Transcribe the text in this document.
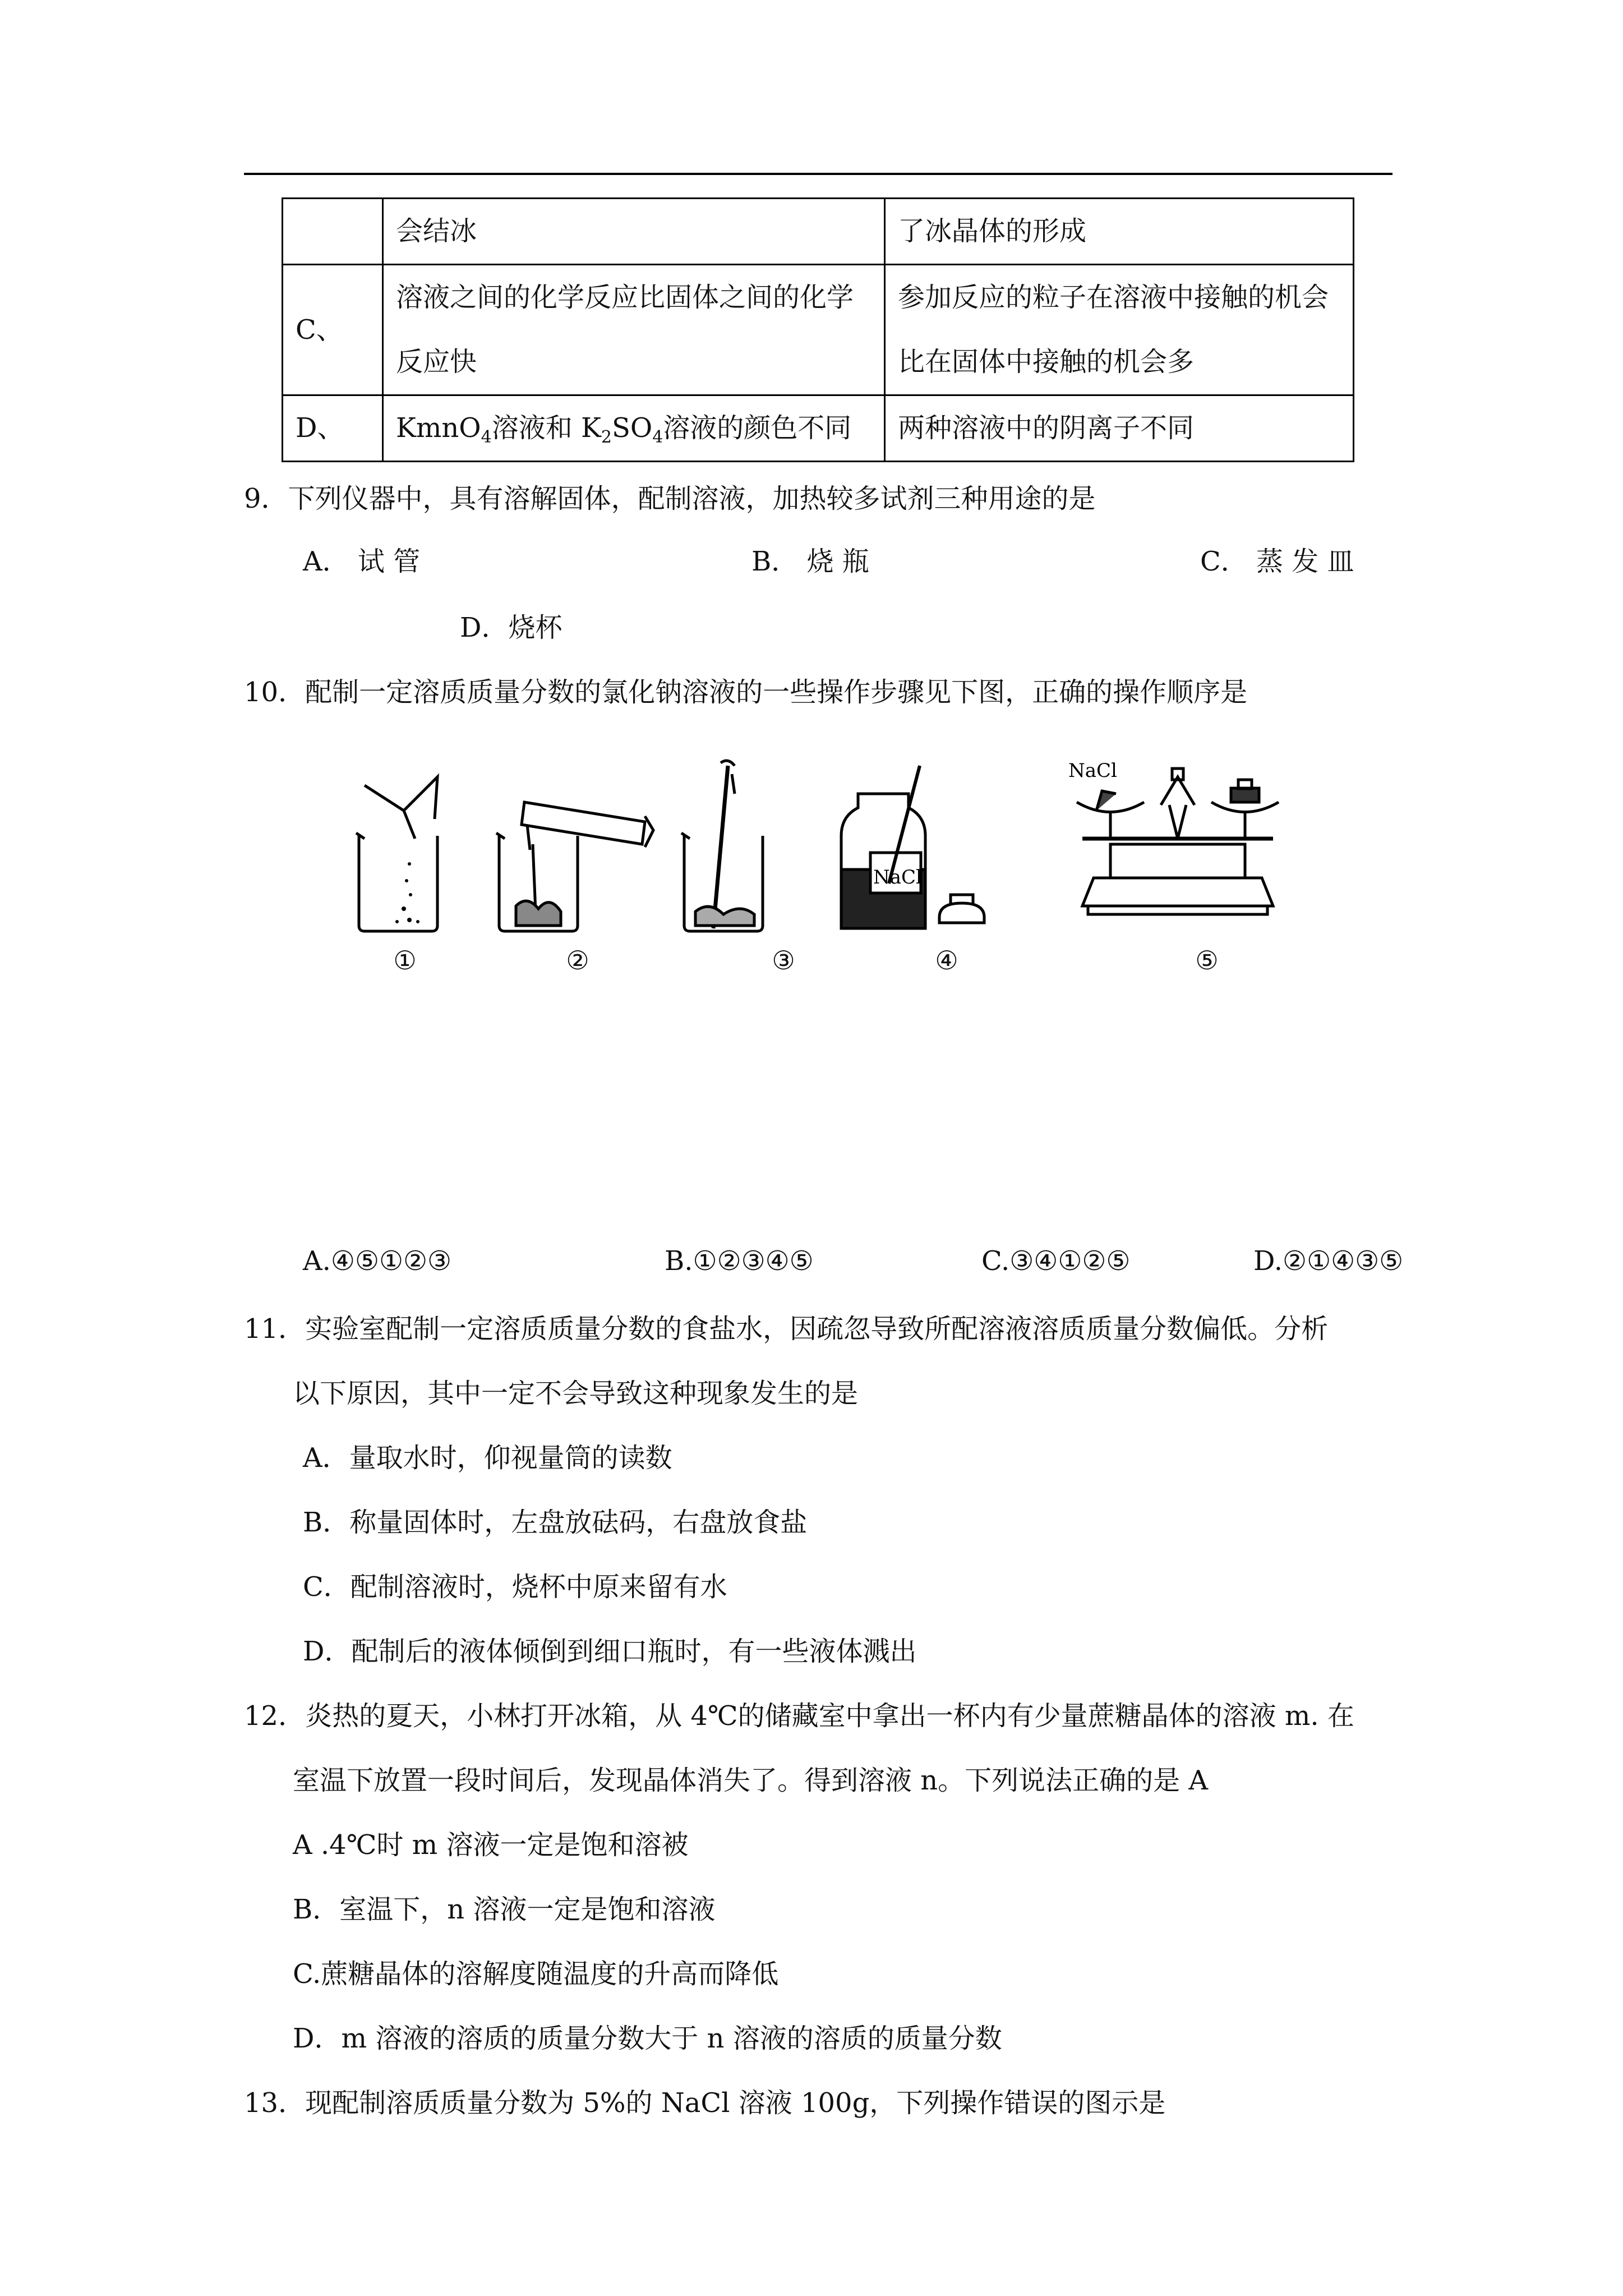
	会结冰	了冰晶体的形成
C、	溶液之间的化学反应比固体之间的化学反应快	参加反应的粒子在溶液中接触的机会比在固体中接触的机会多
D、	KmnO$_4$溶液和 $K_2SO_4$溶液的颜色不同	两种溶液中的阴离子不同
9．下列仪器中，具有溶解固体，配制溶液，加热较多试剂三种用途的是
A． 试 管	B． 烧 瓶	C． 蒸 发 皿
D．烧杯
10．配制一定溶质质量分数的氯化钠溶液的一些操作步骤见下图，正确的操作顺序是
NaCl
NaCl
①	②	③	④	⑤
A.④⑤①②③	B.①②③④⑤	C.③④①②⑤	D.②①④③⑤
11．实验室配制一定溶质质量分数的食盐水，因疏忽导致所配溶液溶质质量分数偏低。分析
以下原因，其中一定不会导致这种现象发生的是
A．量取水时，仰视量筒的读数
B．称量固体时，左盘放砝码，右盘放食盐
C．配制溶液时，烧杯中原来留有水
D．配制后的液体倾倒到细口瓶时，有一些液体溅出
12．炎热的夏天，小林打开冰箱，从 4℃的储藏室中拿出一杯内有少量蔗糖晶体的溶液 m. 在
室温下放置一段时间后，发现晶体消失了。得到溶液 n。下列说法正确的是 A
A .4℃时 m 溶液一定是饱和溶被
B．室温下，n 溶液一定是饱和溶液
C.蔗糖晶体的溶解度随温度的升高而降低
D．m 溶液的溶质的质量分数大于 n 溶液的溶质的质量分数
13．现配制溶质质量分数为 5%的 NaCl 溶液 100g，下列操作错误的图示是
